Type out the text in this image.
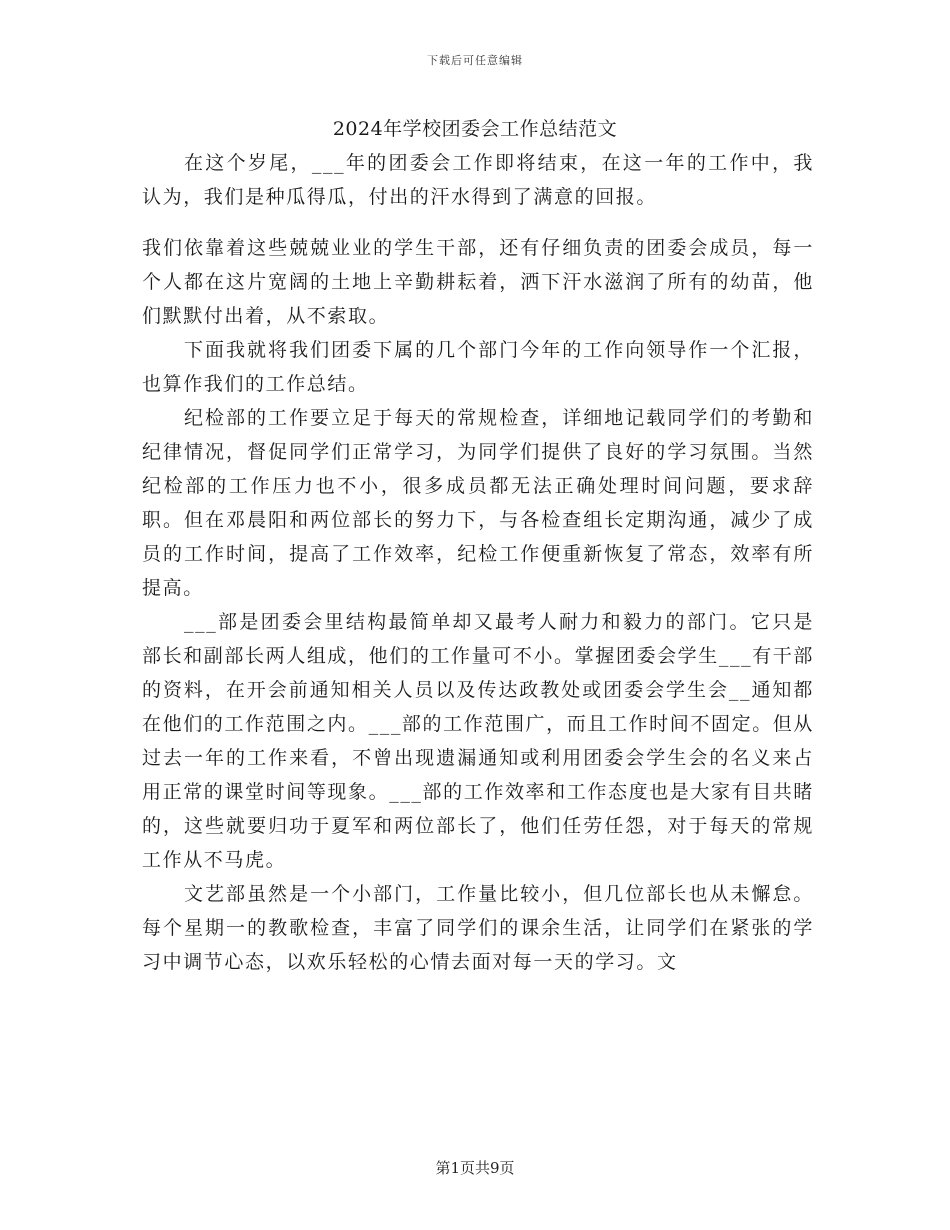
下载后可任意编辑
2024年学校团委会工作总结范文

在这个岁尾，___年的团委会工作即将结束，在这一年的工作中，我认为，我们是种瓜得瓜，付出的汗水得到了满意的回报。

我们依靠着这些兢兢业业的学生干部，还有仔细负责的团委会成员，每一个人都在这片宽阔的土地上辛勤耕耘着，洒下汗水滋润了所有的幼苗，他们默默付出着，从不索取。

下面我就将我们团委下属的几个部门今年的工作向领导作一个汇报，也算作我们的工作总结。

纪检部的工作要立足于每天的常规检查，详细地记载同学们的考勤和纪律情况，督促同学们正常学习，为同学们提供了良好的学习氛围。当然纪检部的工作压力也不小，很多成员都无法正确处理时间问题，要求辞职。但在邓晨阳和两位部长的努力下，与各检查组长定期沟通，减少了成员的工作时间，提高了工作效率，纪检工作便重新恢复了常态，效率有所提高。

___部是团委会里结构最简单却又最考人耐力和毅力的部门。它只是部长和副部长两人组成，他们的工作量可不小。掌握团委会学生___有干部的资料，在开会前通知相关人员以及传达政教处或团委会学生会__通知都在他们的工作范围之内。___部的工作范围广，而且工作时间不固定。但从过去一年的工作来看，不曾出现遗漏通知或利用团委会学生会的名义来占用正常的课堂时间等现象。___部的工作效率和工作态度也是大家有目共睹的，这些就要归功于夏军和两位部长了，他们任劳任怨，对于每天的常规工作从不马虎。

文艺部虽然是一个小部门，工作量比较小，但几位部长也从未懈怠。每个星期一的教歌检查，丰富了同学们的课余生活，让同学们在紧张的学习中调节心态，以欢乐轻松的心情去面对每一天的学习。文

第1页共9页
